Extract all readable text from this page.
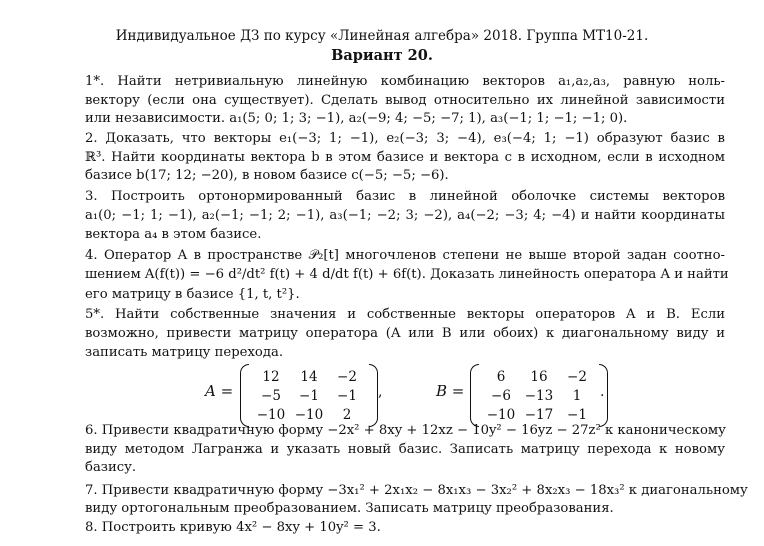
Индивидуальное ДЗ по курсу «Линейная алгебра» 2018. Группа МТ10-21.
Вариант 20.
1*. Найти нетривиальную линейную комбинацию векторов a₁,a₂,a₃, равную ноль-
вектору (если она существует). Сделать вывод относительно их линейной зависимости
или независимости. a₁(5; 0; 1; 3; −1), a₂(−9; 4; −5; −7; 1), a₃(−1; 1; −1; −1; 0).
2. Доказать, что векторы e₁(−3; 1; −1), e₂(−3; 3; −4), e₃(−4; 1; −1) образуют базис в
ℝ³. Найти координаты вектора b в этом базисе и вектора c в исходном, если в исходном
базисе b(17; 12; −20), в новом базисе c(−5; −5; −6).
3. Построить ортонормированный базис в линейной оболочке системы векторов
a₁(0; −1; 1; −1), a₂(−1; −1; 2; −1), a₃(−1; −2; 3; −2), a₄(−2; −3; 4; −4) и найти координаты
вектора a₄ в этом базисе.
4. Оператор A в пространстве 𝒫₂[t] многочленов степени не выше второй задан соотно-
шением A(f(t)) = −6 d²/dt² f(t) + 4 d/dt f(t) + 6f(t). Доказать линейность оператора A и найти
его матрицу в базисе {1, t, t²}.
5*. Найти собственные значения и собственные векторы операторов A и B. Если
возможно, привести матрицу оператора (A или B или обоих) к диагональному виду и
записать матрицу перехода.
A =
12	14	−2
−5	−1	−1
−10	−10	2
,	B =
6	16	−2
−6	−13	1
−10	−17	−1
.
6. Привести квадратичную форму −2x² + 8xy + 12xz − 10y² − 16yz − 27z² к каноническому
виду методом Лагранжа и указать новый базис. Записать матрицу перехода к новому
базису.
7. Привести квадратичную форму −3x₁² + 2x₁x₂ − 8x₁x₃ − 3x₂² + 8x₂x₃ − 18x₃² к диагональному
виду ортогональным преобразованием. Записать матрицу преобразования.
8. Построить кривую 4x² − 8xy + 10y² = 3.
